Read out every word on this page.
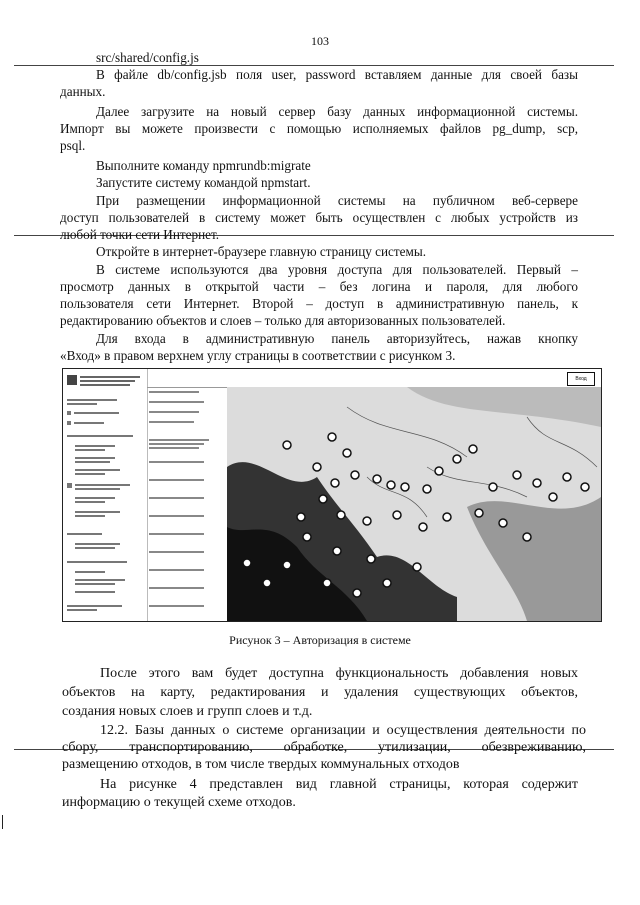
103
src/shared/config.js
В файле db/config.jsb поля user, password вставляем данные для своей базы
данных.
Далее загрузите на новый сервер базу данных информационной системы.
Импорт вы можете произвести с помощью исполняемых файлов pg_dump, scp,
psql.
Выполните команду npmrundb:migrate
Запустите систему командой npmstart.
При размещении информационной системы на публичном веб-сервере
доступ пользователей в систему может быть осуществлен с любых устройств из
любой точки сети Интернет.
Откройте в интернет-браузере главную страницу системы.
В системе используются два уровня доступа для пользователей. Первый –
просмотр данных в открытой части – без логина и пароля, для любого
пользователя сети Интернет. Второй – доступ в административную панель, к
редактированию объектов и слоев – только для авторизованных пользователей.
Для входа в административную панель авторизуйтесь, нажав кнопку
«Вход» в правом верхнем углу страницы в соответствии с рисунком 3.
Вход
Рисунок 3 – Авторизация в системе
После этого вам будет доступна функциональность добавления новых
объектов на карту, редактирования и удаления существующих объектов,
создания новых слоев и групп слоев и т.д.
12.2. Базы данных о системе организации и осуществления деятельности по
сбору, транспортированию, обработке, утилизации, обезвреживанию,
размещению отходов, в том числе твердых коммунальных отходов
На рисунке 4 представлен вид главной страницы, которая содержит
информацию о текущей схеме отходов.
